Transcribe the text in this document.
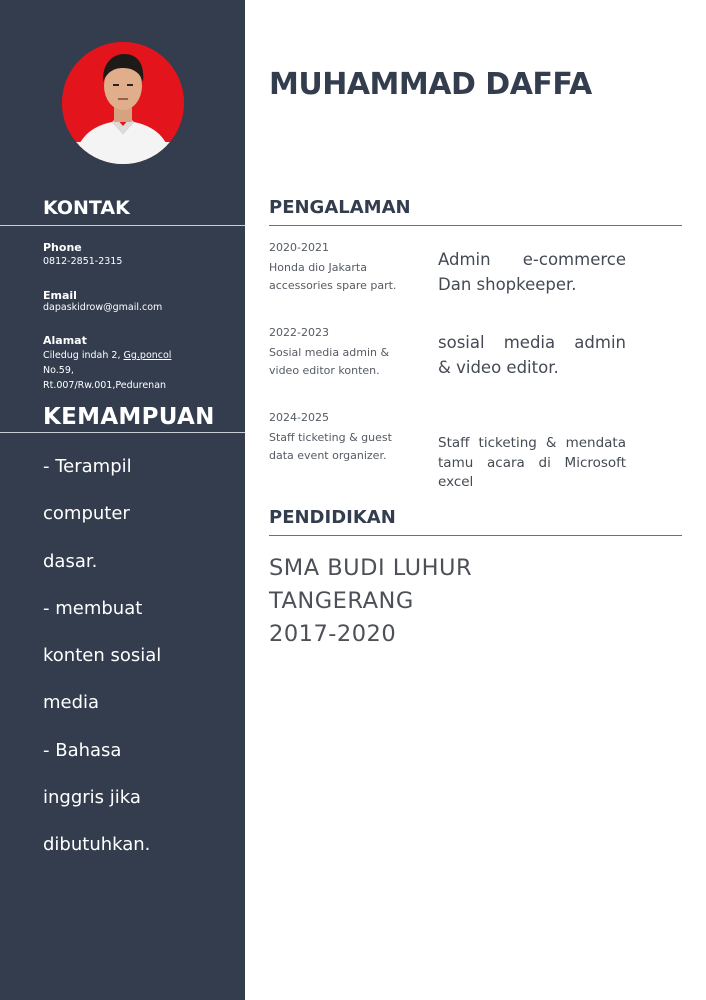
KONTAK
Phone
0812-2851-2315
Email
dapaskidrow@gmail.com
Alamat
Ciledug indah 2, Gg.poncol
No.59,
Rt.007/Rw.001,Pedurenan
KEMAMPUAN
- Terampil
computer
dasar.
- membuat
konten sosial
media
- Bahasa
inggris jika
dibutuhkan.
MUHAMMAD DAFFA
PENGALAMAN
2020-2021
Honda dio Jakarta
accessories spare part.
Admin e-commerce
Dan shopkeeper.
2022-2023
Sosial media admin &
video editor konten.
sosial media admin
& video editor.
2024-2025
Staff ticketing & guest
data event organizer.
Staff ticketing & mendata tamu acara di Microsoft excel
PENDIDIKAN
SMA BUDI LUHUR
TANGERANG
2017-2020
